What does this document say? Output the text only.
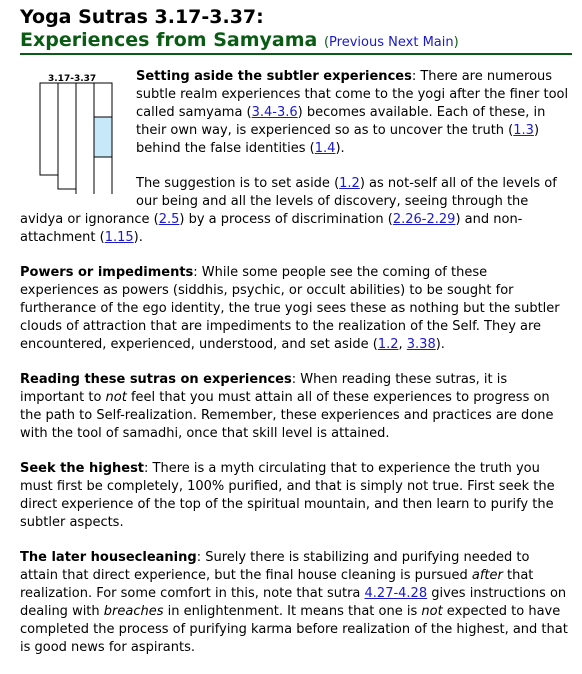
Yoga Sutras 3.17-3.37:
Experiences from Samyama (Previous Next Main)
3.17-3.37	Setting aside the subtler experiences: There are numerous subtle realm experiences that come to the yogi after the finer tool called samyama (3.4-3.6) becomes available. Each of these, in their own way, is experienced so as to uncover the truth (1.3) behind the false identities (1.4).

The suggestion is to set aside (1.2) as not-self all of the levels of our being and all the levels of discovery, seeing through the avidya or ignorance (2.5) by a process of discrimination (2.26-2.29) and non-attachment (1.15).

Powers or impediments: While some people see the coming of these experiences as powers (siddhis, psychic, or occult abilities) to be sought for furtherance of the ego identity, the true yogi sees these as nothing but the subtler clouds of attraction that are impediments to the realization of the Self. They are encountered, experienced, understood, and set aside (1.2, 3.38).

Reading these sutras on experiences: When reading these sutras, it is important to not feel that you must attain all of these experiences to progress on the path to Self-realization. Remember, these experiences and practices are done with the tool of samadhi, once that skill level is attained.

Seek the highest: There is a myth circulating that to experience the truth you must first be completely, 100% purified, and that is simply not true. First seek the direct experience of the top of the spiritual mountain, and then learn to purify the subtler aspects.

The later housecleaning: Surely there is stabilizing and purifying needed to attain that direct experience, but the final house cleaning is pursued after that realization. For some comfort in this, note that sutra 4.27-4.28 gives instructions on dealing with breaches in enlightenment. It means that one is not expected to have completed the process of purifying karma before realization of the highest, and that is good news for aspirants.
